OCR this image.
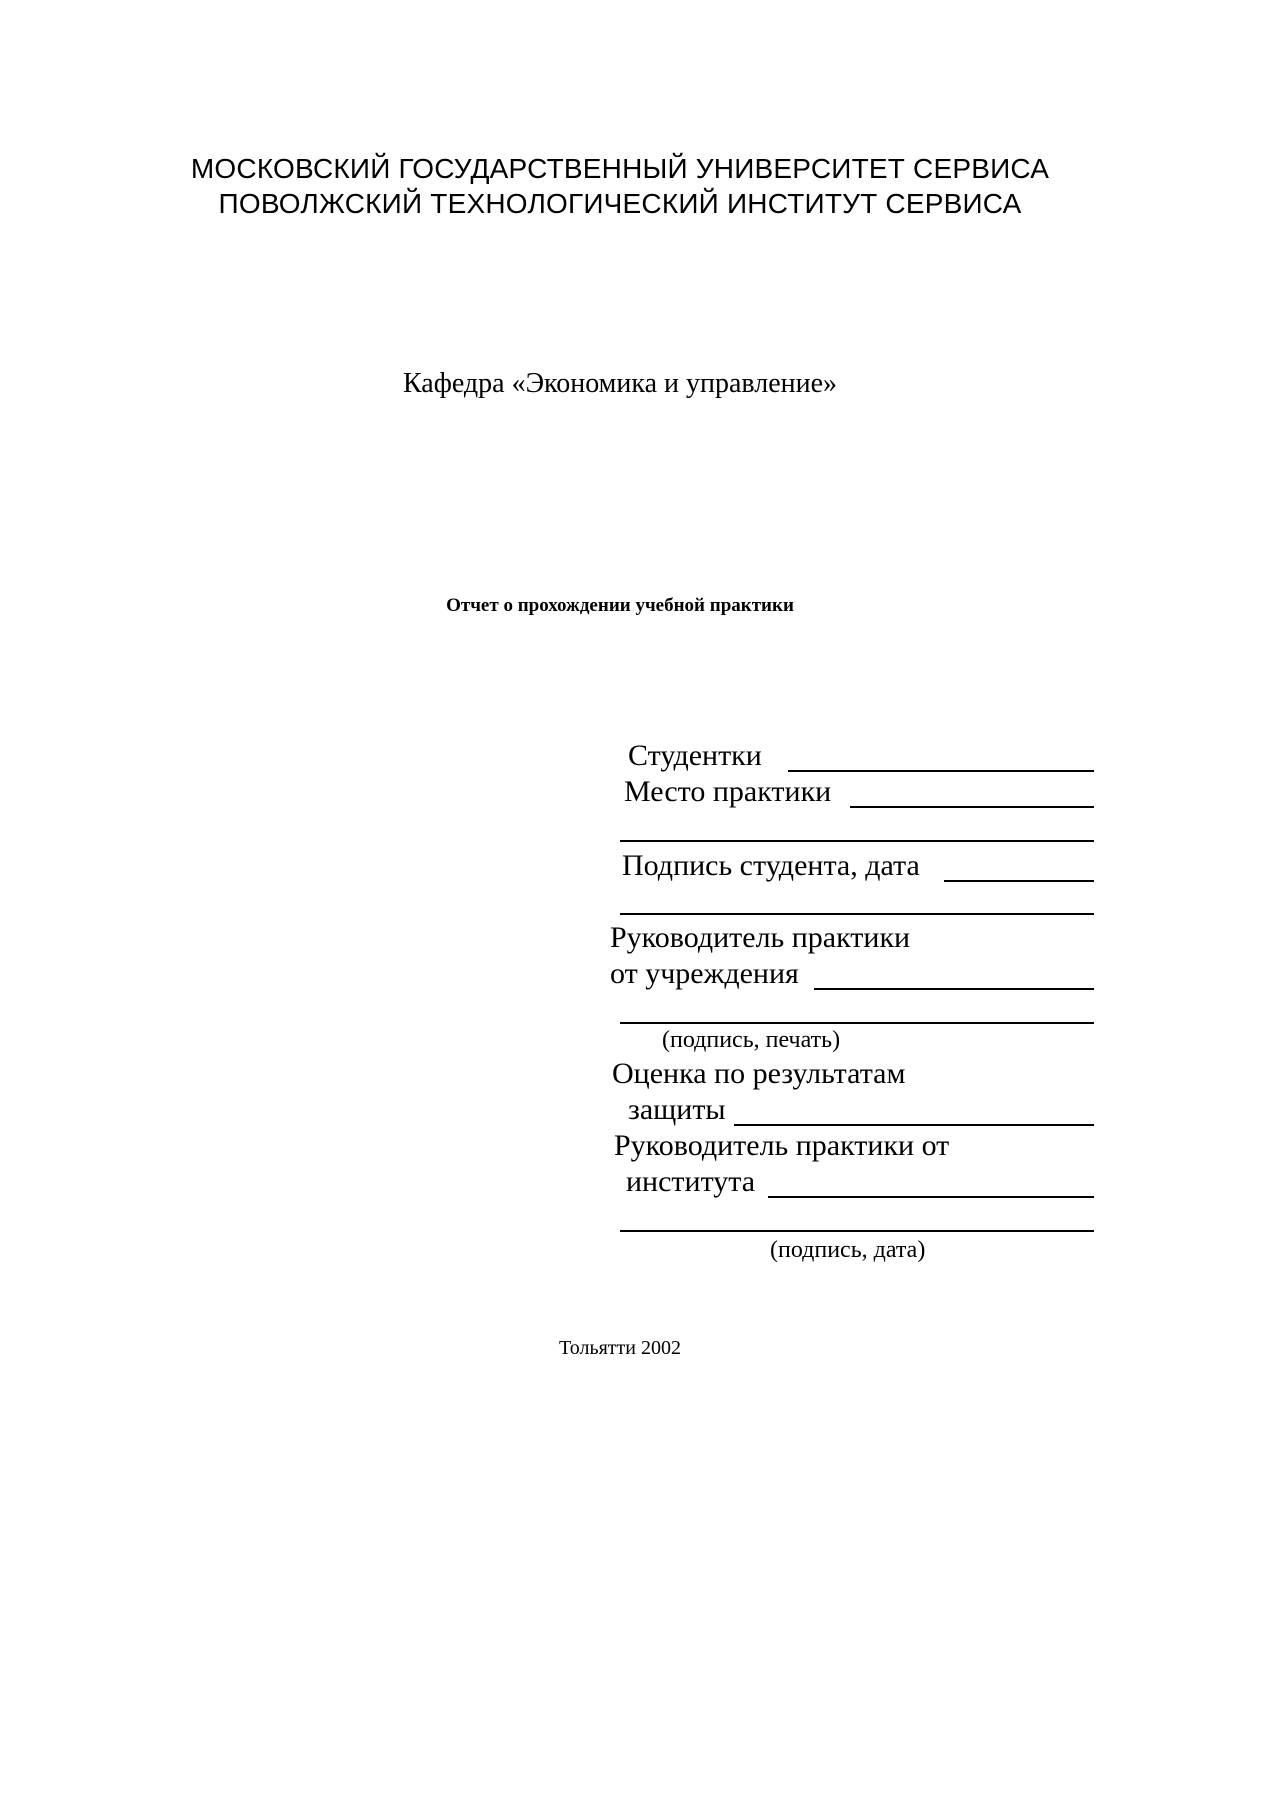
МОСКОВСКИЙ ГОСУДАРСТВЕННЫЙ УНИВЕРСИТЕТ СЕРВИСА
ПОВОЛЖСКИЙ ТЕХНОЛОГИЧЕСКИЙ ИНСТИТУТ СЕРВИСА
Кафедра «Экономика и управление»
Отчет о прохождении учебной практики
Студентки
Место практики
Подпись студента, дата
Руководитель практики
от учреждения
(подпись, печать)
Оценка по результатам
защиты
Руководитель практики от
института
(подпись, дата)
Тольятти 2002
